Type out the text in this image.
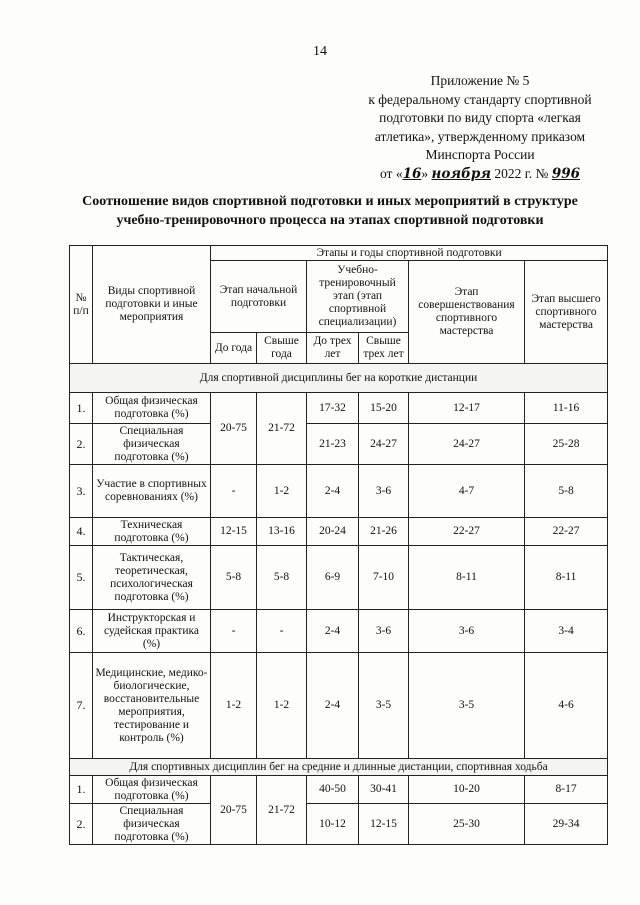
14
Приложение № 5
к федеральному стандарту спортивной
подготовки по виду спорта «легкая
атлетика», утвержденному приказом
Минспорта России
от «16» ноября 2022 г. № 996
Соотношение видов спортивной подготовки и иных мероприятий в структуре
учебно-тренировочного процесса на этапах спортивной подготовки
№ п/п	Виды спортивной подготовки и иные мероприятия	Этапы и годы спортивной подготовки					
		Этап начальной подготовки		Учебно-тренировочный этап (этап спортивной специализации)		Этап совершенствования спортивного мастерства	Этап высшего спортивного мастерства
		До года	Свыше года	До трех лет	Свыше трех лет		
Для спортивной дисциплины бег на короткие дистанции							
1.	Общая физическая подготовка (%)	20-75	21-72	17-32	15-20	12-17	11-16
2.	Специальная физическая подготовка (%)			21-23	24-27	24-27	25-28
3.	Участие в спортивных соревнованиях (%)	-	1-2	2-4	3-6	4-7	5-8
4.	Техническая подготовка (%)	12-15	13-16	20-24	21-26	22-27	22-27
5.	Тактическая, теоретическая, психологическая подготовка (%)	5-8	5-8	6-9	7-10	8-11	8-11
6.	Инструкторская и судейская практика (%)	-	-	2-4	3-6	3-6	3-4
7.	Медицинские, медико-биологические, восстановительные мероприятия, тестирование и контроль (%)	1-2	1-2	2-4	3-5	3-5	4-6
Для спортивных дисциплин бег на средние и длинные дистанции, спортивная ходьба							
1.	Общая физическая подготовка (%)	20-75	21-72	40-50	30-41	10-20	8-17
2.	Специальная физическая подготовка (%)			10-12	12-15	25-30	29-34
